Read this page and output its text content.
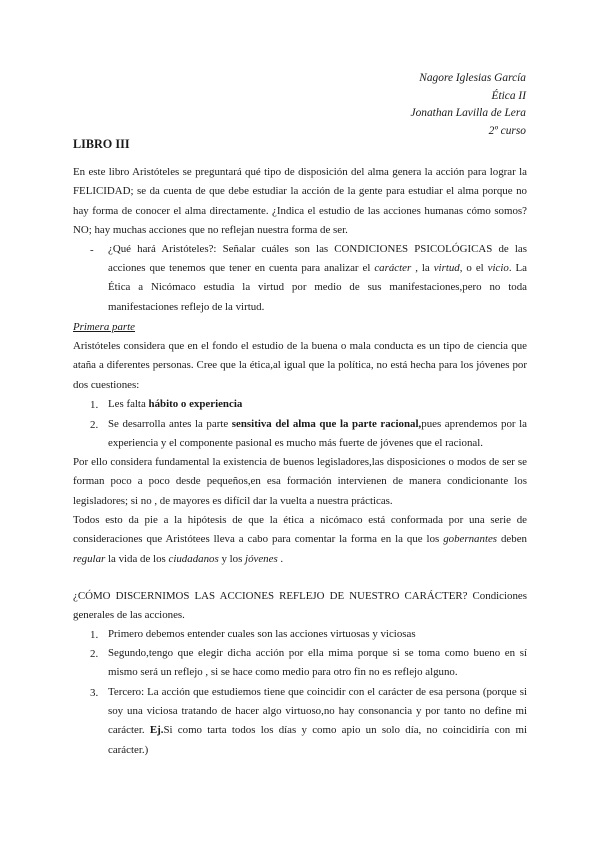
Nagore Iglesias García
Ética II
Jonathan Lavilla de Lera
2º curso
LIBRO III
En este libro Aristóteles se preguntará qué tipo de disposición del alma genera la acción para lograr la FELICIDAD; se da cuenta de que debe estudiar la acción de la gente para estudiar el alma porque no hay forma de conocer el alma directamente. ¿Indica el estudio de las acciones humanas cómo somos? NO; hay muchas acciones que no reflejan nuestra forma de ser.
- ¿Qué hará Aristóteles?: Señalar cuáles son las CONDICIONES PSICOLÓGICAS de las acciones que tenemos que tener en cuenta para analizar el carácter , la virtud, o el vicio. La Ética a Nicómaco estudia la virtud por medio de sus manifestaciones,pero no toda manifestaciones reflejo de la virtud.
Primera parte
Aristóteles considera que en el fondo el estudio de la buena o mala conducta es un tipo de ciencia que ataña a diferentes personas. Cree que la ética,al igual que la política, no está hecha para los jóvenes por dos cuestiones:
1. Les falta hábito o experiencia
2. Se desarrolla antes la parte sensitiva del alma que la parte racional,pues aprendemos por la experiencia y el componente pasional es mucho más fuerte de jóvenes que el racional.
Por ello considera fundamental la existencia de buenos legisladores,las disposiciones o modos de ser se forman poco a poco desde pequeños,en esa formación intervienen de manera condicionante los legisladores; si no , de mayores es difícil dar la vuelta a nuestra prácticas.
Todos esto da pie a la hipótesis de que la ética a nicómaco está conformada por una serie de consideraciones que Aristótees lleva a cabo para comentar la forma en la que los gobernantes deben regular la vida de los ciudadanos y los jóvenes .
¿CÓMO DISCERNIMOS LAS ACCIONES REFLEJO DE NUESTRO CARÁCTER? Condiciones generales de las acciones.
1. Primero debemos entender cuales son las acciones virtuosas y viciosas
2. Segundo,tengo que elegir dicha acción por ella mima porque si se toma como bueno en sí mismo será un reflejo , si se hace como medio para otro fin no es reflejo alguno.
3. Tercero: La acción que estudiemos tiene que coincidir con el carácter de esa persona (porque si soy una viciosa tratando de hacer algo virtuoso,no hay consonancia y por tanto no define mi carácter. Ej.Si como tarta todos los días y como apio un solo día, no coincidiría con mi carácter.)
